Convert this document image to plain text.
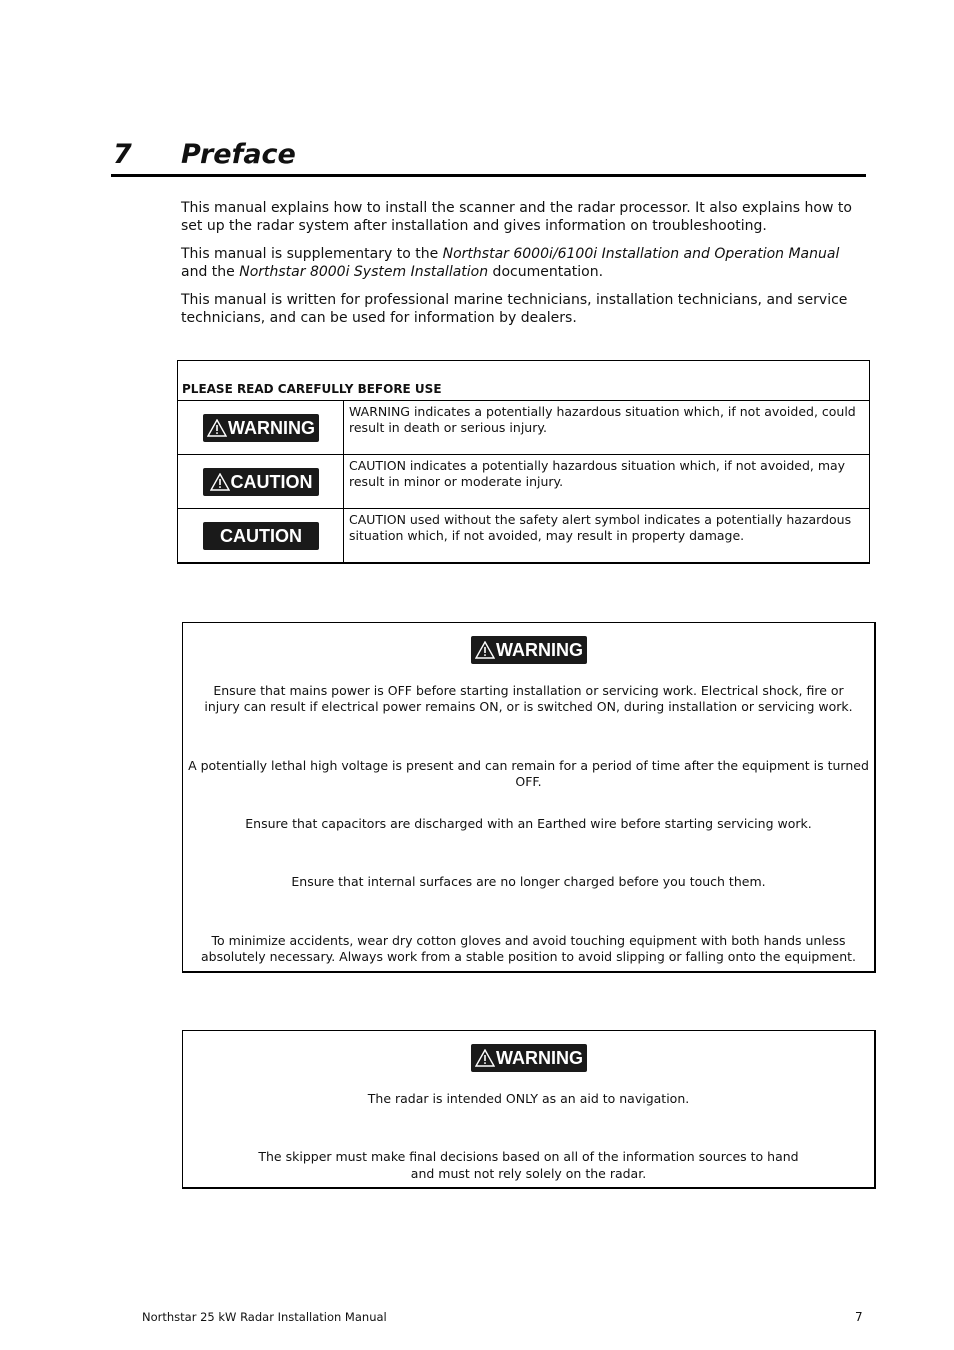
7 Preface

This manual explains how to install the scanner and the radar processor. It also explains how to set up the radar system after installation and gives information on troubleshooting.

This manual is supplementary to the Northstar 6000i/6100i Installation and Operation Manual and the Northstar 8000i System Installation documentation.

This manual is written for professional marine technicians, installation technicians, and service technicians, and can be used for information by dealers.

PLEASE READ CAREFULLY BEFORE USE
WARNING
WARNING indicates a potentially hazardous situation which, if not avoided, could result in death or serious injury.
CAUTION
CAUTION indicates a potentially hazardous situation which, if not avoided, may result in minor or moderate injury.
CAUTION
CAUTION used without the safety alert symbol indicates a potentially hazardous situation which, if not avoided, may result in property damage.
WARNING

Ensure that mains power is OFF before starting installation or servicing work. Electrical shock, fire or injury can result if electrical power remains ON, or is switched ON, during installation or servicing work.

A potentially lethal high voltage is present and can remain for a period of time after the equipment is turned OFF.

Ensure that capacitors are discharged with an Earthed wire before starting servicing work.

Ensure that internal surfaces are no longer charged before you touch them.

To minimize accidents, wear dry cotton gloves and avoid touching equipment with both hands unless absolutely necessary. Always work from a stable position to avoid slipping or falling onto the equipment.

WARNING

The radar is intended ONLY as an aid to navigation.

The skipper must make final decisions based on all of the information sources to hand

and must not rely solely on the radar.

Northstar 25 kW Radar Installation Manual	7
